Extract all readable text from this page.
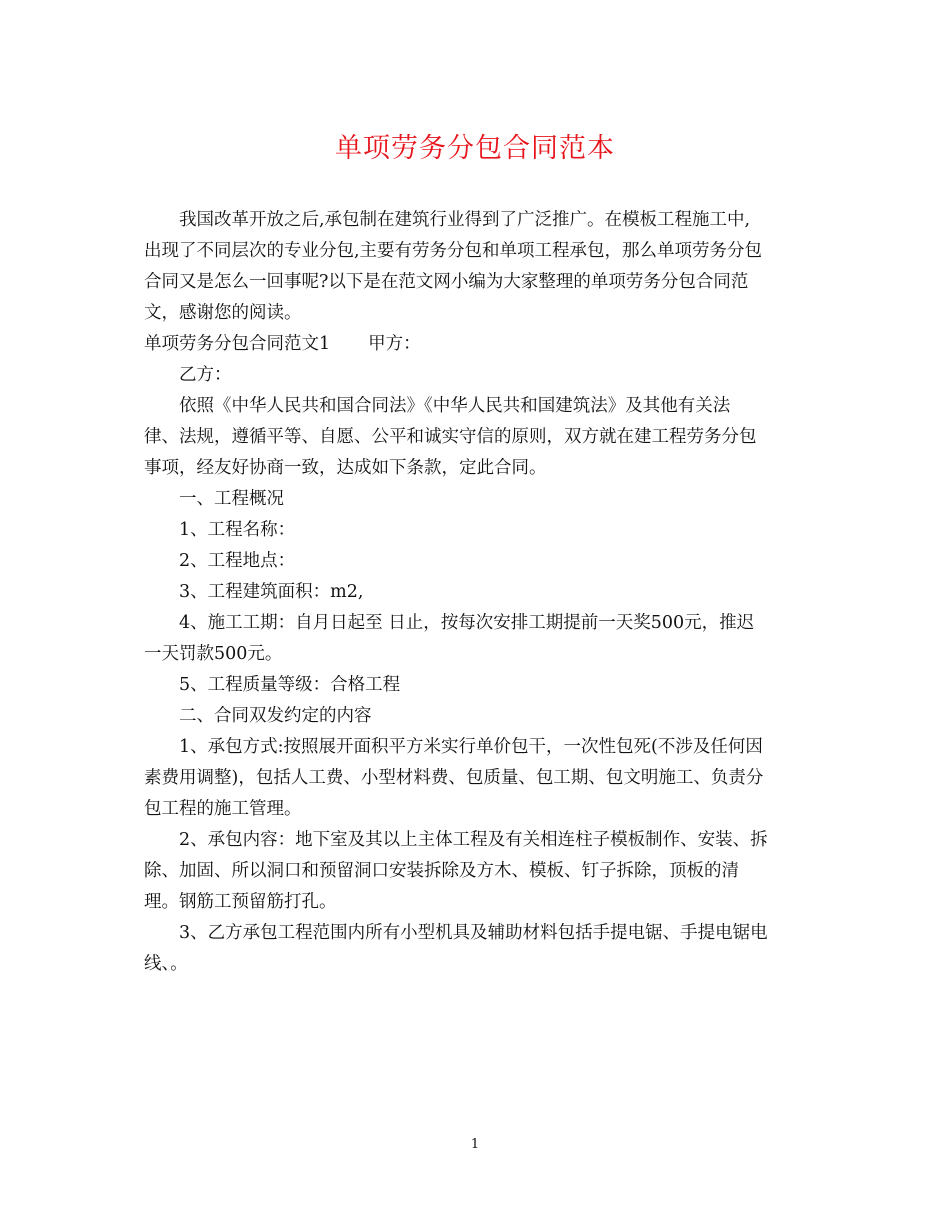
单项劳务分包合同范本
我国改革开放之后,承包制在建筑行业得到了广泛推广。在模板工程施工中,
出现了不同层次的专业分包,主要有劳务分包和单项工程承包，那么单项劳务分包
合同又是怎么一回事呢?以下是在范文网小编为大家整理的单项劳务分包合同范
文，感谢您的阅读。
单项劳务分包合同范文1 甲方：
乙方：
依照《中华人民共和国合同法》《中华人民共和国建筑法》及其他有关法
律、法规，遵循平等、自愿、公平和诚实守信的原则，双方就在建工程劳务分包
事项，经友好协商一致，达成如下条款，定此合同。
一、工程概况
1、工程名称：
2、工程地点：
3、工程建筑面积：m2,
4、施工工期：自月日起至 日止，按每次安排工期提前一天奖500元，推迟
一天罚款500元。
5、工程质量等级：合格工程
二、合同双发约定的内容
1、承包方式:按照展开面积平方米实行单价包干，一次性包死(不涉及任何因
素费用调整)，包括人工费、小型材料费、包质量、包工期、包文明施工、负责分
包工程的施工管理。
2、承包内容：地下室及其以上主体工程及有关相连柱子模板制作、安装、拆
除、加固、所以洞口和预留洞口安装拆除及方木、模板、钉子拆除，顶板的清
理。钢筋工预留筋打孔。
3、乙方承包工程范围内所有小型机具及辅助材料包括手提电锯、手提电锯电
线、。
1
